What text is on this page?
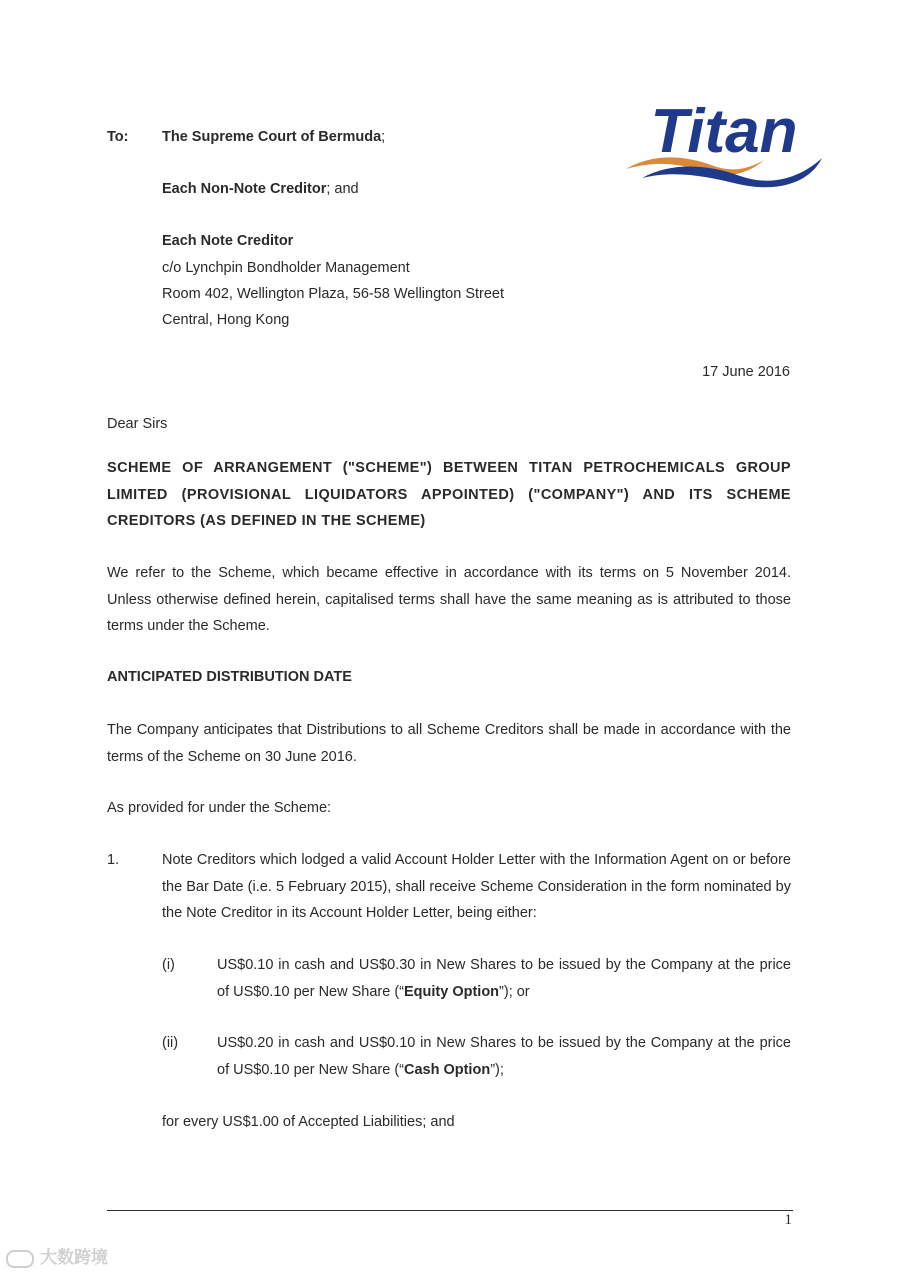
Titan
To: The Supreme Court of Bermuda;
Each Non-Note Creditor; and
Each Note Creditor
c/o Lynchpin Bondholder Management
Room 402, Wellington Plaza, 56-58 Wellington Street
Central, Hong Kong
17 June 2016
Dear Sirs
SCHEME OF ARRANGEMENT ("SCHEME") BETWEEN TITAN PETROCHEMICALS GROUP LIMITED (PROVISIONAL LIQUIDATORS APPOINTED) ("COMPANY") AND ITS SCHEME CREDITORS (AS DEFINED IN THE SCHEME)
We refer to the Scheme, which became effective in accordance with its terms on 5 November 2014. Unless otherwise defined herein, capitalised terms shall have the same meaning as is attributed to those terms under the Scheme.
ANTICIPATED DISTRIBUTION DATE
The Company anticipates that Distributions to all Scheme Creditors shall be made in accordance with the terms of the Scheme on 30 June 2016.
As provided for under the Scheme:
1.	Note Creditors which lodged a valid Account Holder Letter with the Information Agent on or before the Bar Date (i.e. 5 February 2015), shall receive Scheme Consideration in the form nominated by the Note Creditor in its Account Holder Letter, being either:
(i)	US$0.10 in cash and US$0.30 in New Shares to be issued by the Company at the price of US$0.10 per New Share (“Equity Option”); or
(ii)	US$0.20 in cash and US$0.10 in New Shares to be issued by the Company at the price of US$0.10 per New Share (“Cash Option”);
for every US$1.00 of Accepted Liabilities; and
1
大数跨境
